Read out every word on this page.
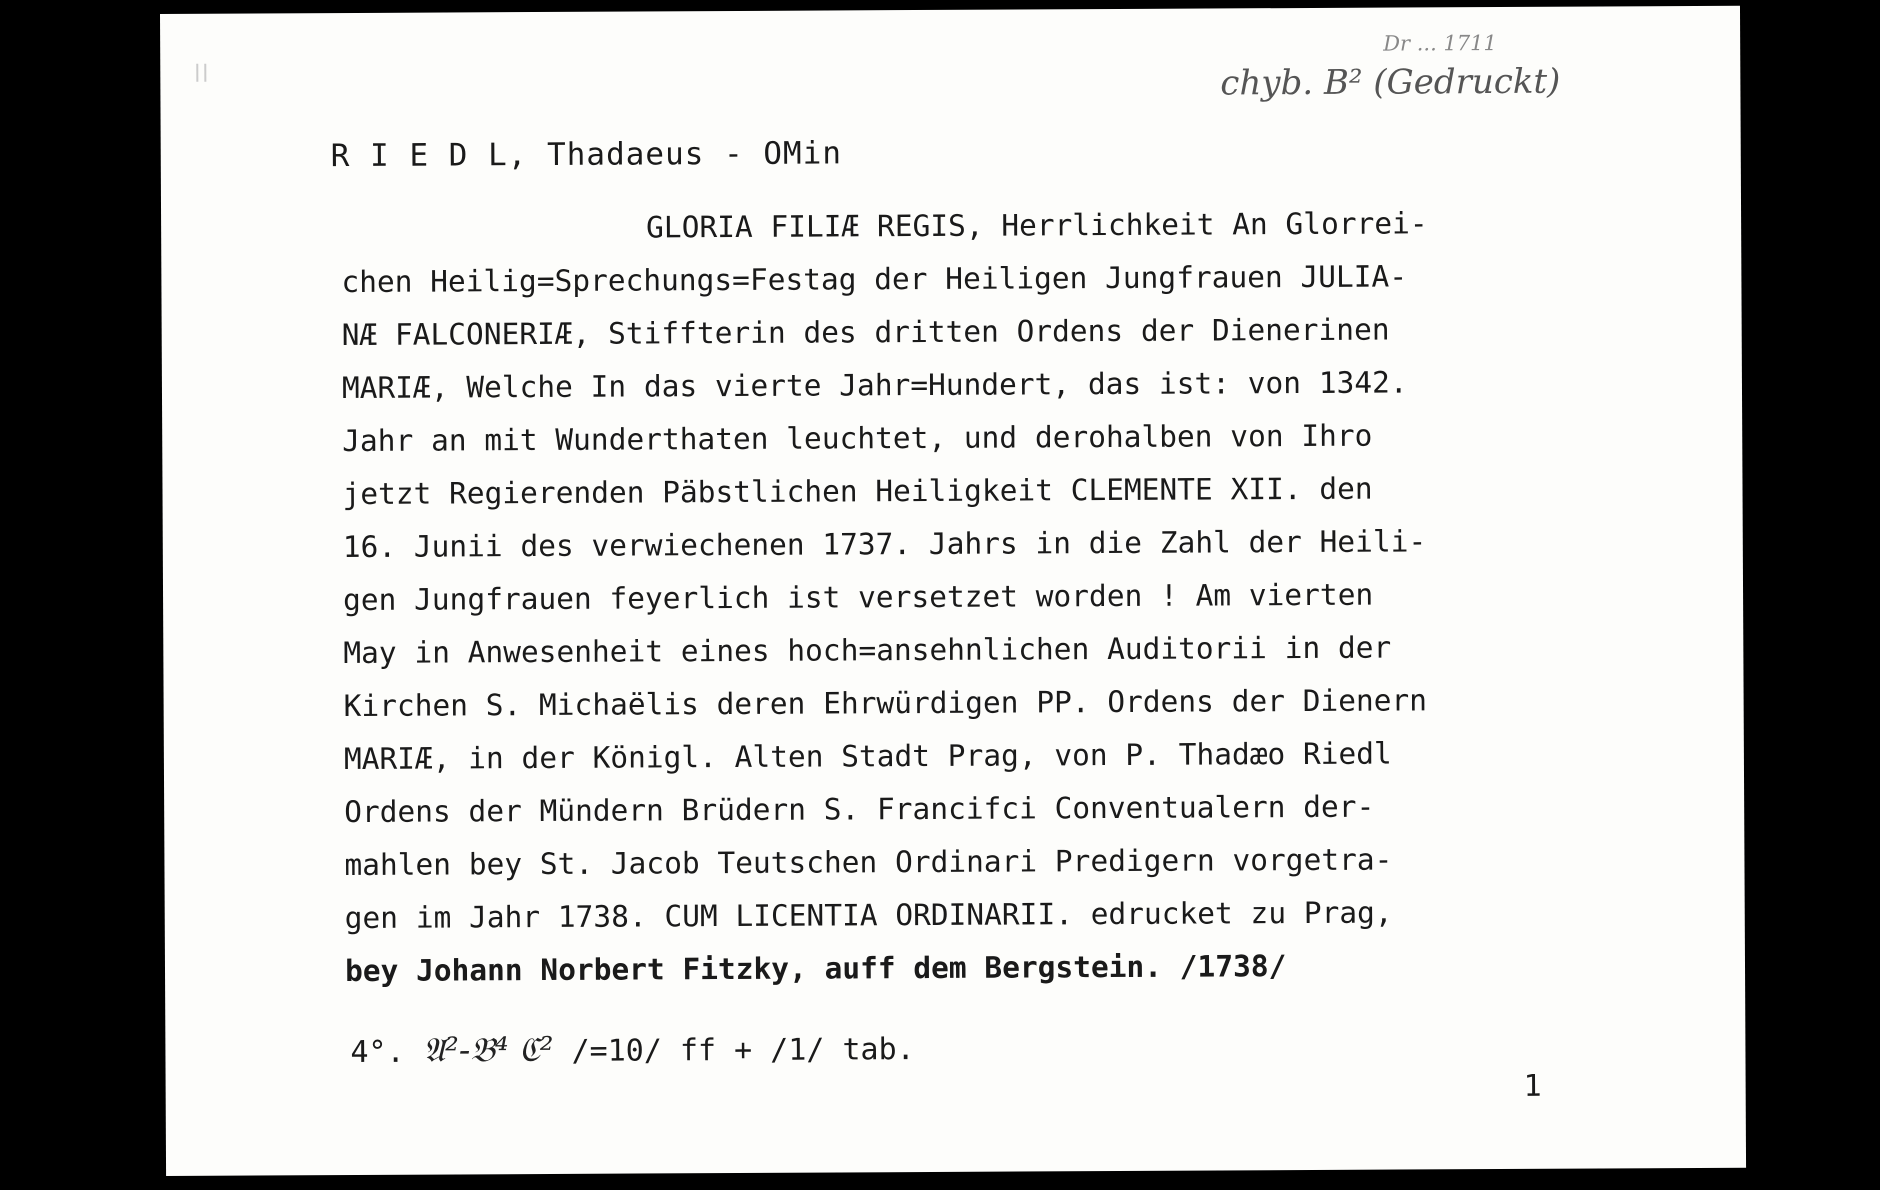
Dr ... 1711
chyb. B² (Gedruckt)
R I E D L, Thadaeus - OMin
GLORIA FILIÆ REGIS, Herrlichkeit An Glorrei-
chen Heilig=Sprechungs=Festag der Heiligen Jungfrauen JULIA-
NÆ FALCONERIÆ, Stiffterin des dritten Ordens der Dienerinen
MARIÆ, Welche In das vierte Jahr=Hundert, das ist: von 1342.
Jahr an mit Wunderthaten leuchtet, und derohalben von Ihro
jetzt Regierenden Päbstlichen Heiligkeit CLEMENTE XII. den
16. Junii des verwiechenen 1737. Jahrs in die Zahl der Heili-
gen Jungfrauen feyerlich ist versetzet worden ! Am vierten
May in Anwesenheit eines hoch=ansehnlichen Auditorii in der
Kirchen S. Michaëlis deren Ehrwürdigen PP. Ordens der Dienern
MARIÆ, in der Königl. Alten Stadt Prag, von P. Thadæo Riedl
Ordens der Mündern Brüdern S. Francifci Conventualern der-
mahlen bey St. Jacob Teutschen Ordinari Predigern vorgetra-
gen im Jahr 1738. CUM LICENTIA ORDINARII. edrucket zu Prag,
bey Johann Norbert Fitzky, auff dem Bergstein. /1738/
4°. 𝔄²-𝔅⁴ ℭ² /=10/ ff + /1/ tab.
1
